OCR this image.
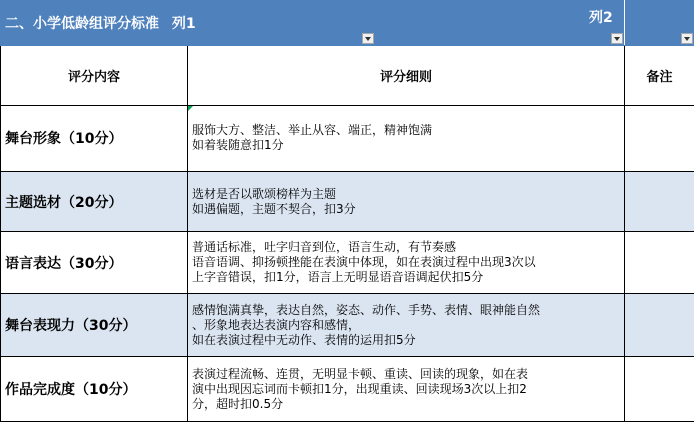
二、小学低龄组评分标准 列1		列2

评分内容	评分细则	备注
舞台形象（10分）	服饰大方、整洁、举止从容、端正，精神饱满
如着装随意扣1分	

主题选材（20分）	选材是否以歌颂榜样为主题
如遇偏题，主题不契合，扣3分	

语言表达（30分）	普通话标准，吐字归音到位，语言生动，有节奏感
语音语调、抑扬顿挫能在表演中体现，如在表演过程中出现3次以
上字音错误，扣1分，语言上无明显语音语调起伏扣5分	

舞台表现力（30分）	感情饱满真挚，表达自然，姿态、动作、手势、表情、眼神能自然
、形象地表达表演内容和感情，
如在表演过程中无动作、表情的运用扣5分	

作品完成度（10分）	表演过程流畅、连贯，无明显卡顿、重读、回读的现象，如在表
演中出现因忘词而卡顿扣1分，出现重读、回读现场3次以上扣2
分，超时扣0.5分	
